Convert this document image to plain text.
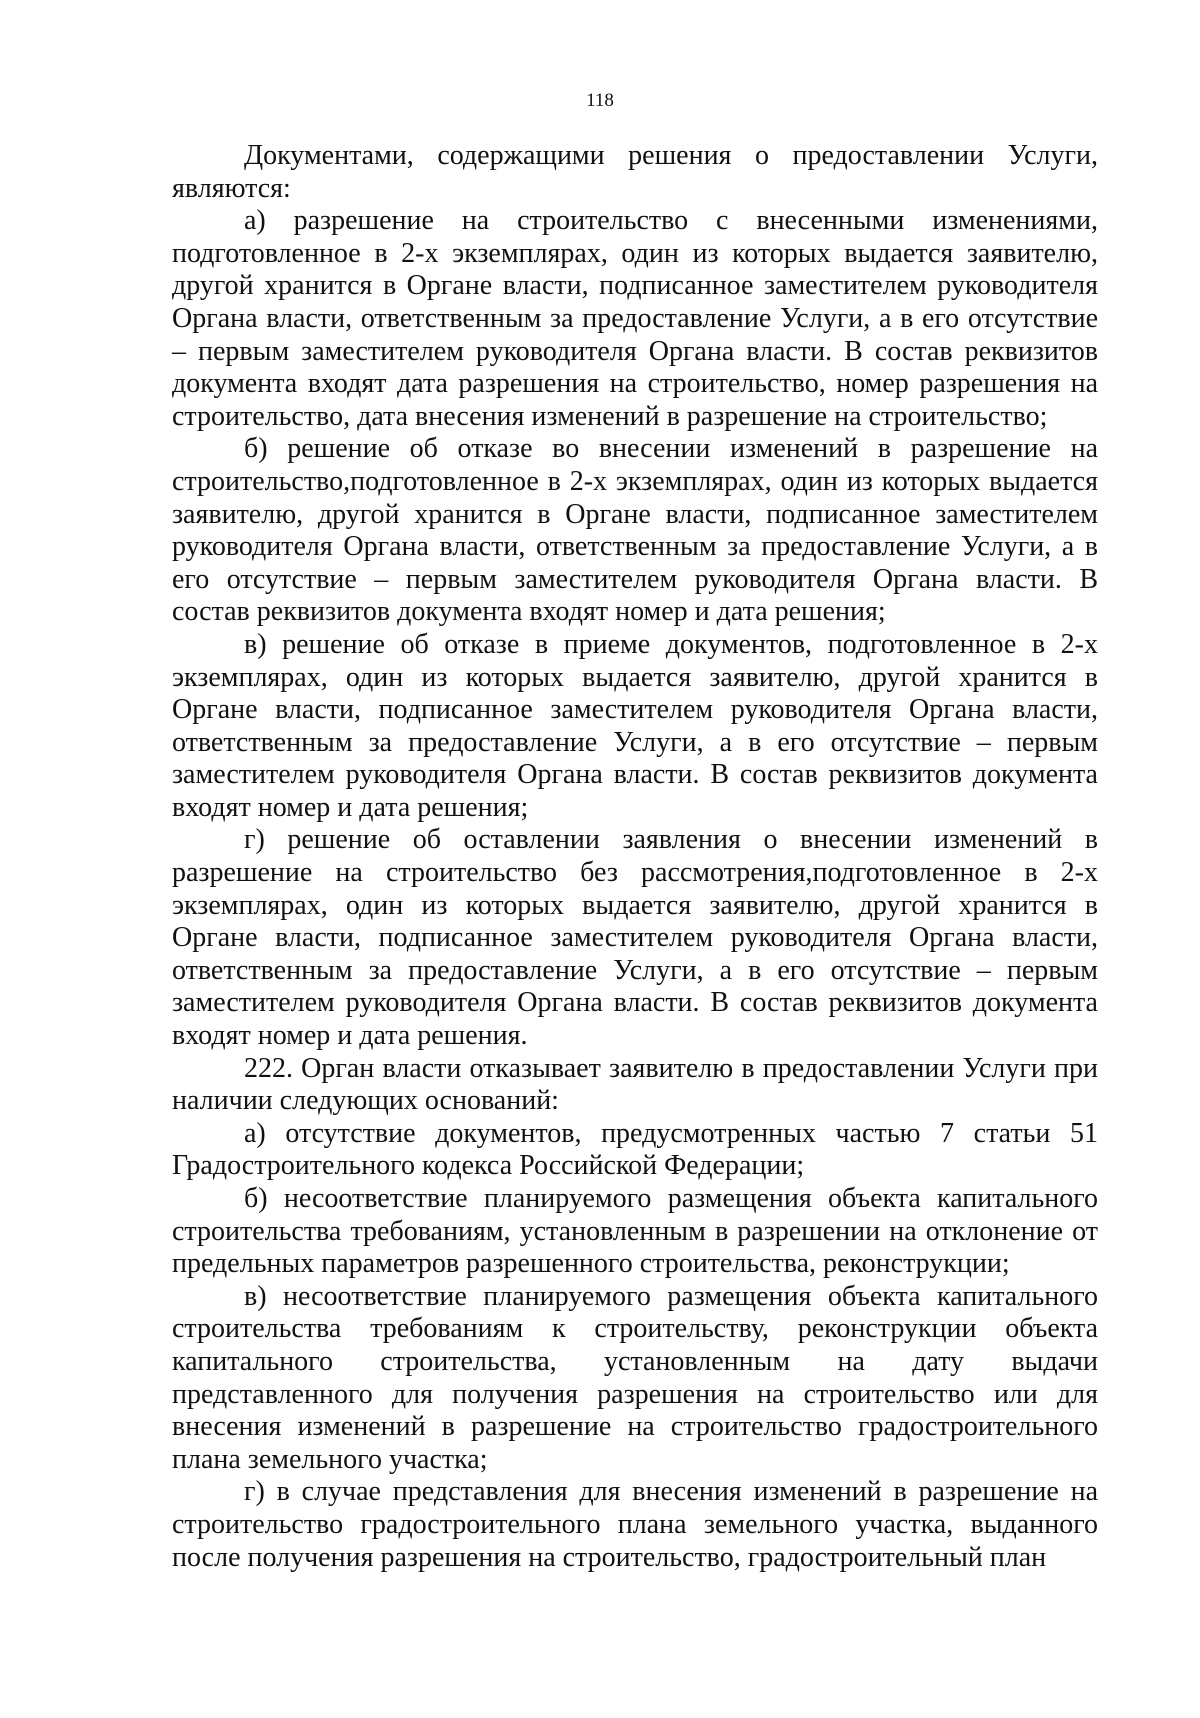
118

Документами, содержащими решения о предоставлении Услуги, являются:

а) разрешение на строительство с внесенными изменениями, подготовленное в 2-х экземплярах, один из которых выдается заявителю, другой хранится в Органе власти, подписанное заместителем руководителя Органа власти, ответственным за предоставление Услуги, а в его отсутствие – первым заместителем руководителя Органа власти. В состав реквизитов документа входят дата разрешения на строительство, номер разрешения на строительство, дата внесения изменений в разрешение на строительство;

б) решение об отказе во внесении изменений в разрешение на строительство,подготовленное в 2-х экземплярах, один из которых выдается заявителю, другой хранится в Органе власти, подписанное заместителем руководителя Органа власти, ответственным за предоставление Услуги, а в его отсутствие – первым заместителем руководителя Органа власти. В состав реквизитов документа входят номер и дата решения;

в) решение об отказе в приеме документов, подготовленное в 2-х экземплярах, один из которых выдается заявителю, другой хранится в Органе власти, подписанное заместителем руководителя Органа власти, ответственным за предоставление Услуги, а в его отсутствие – первым заместителем руководителя Органа власти. В состав реквизитов документа входят номер и дата решения;

г) решение об оставлении заявления о внесении изменений в разрешение на строительство без рассмотрения,подготовленное в 2-х экземплярах, один из которых выдается заявителю, другой хранится в Органе власти, подписанное заместителем руководителя Органа власти, ответственным за предоставление Услуги, а в его отсутствие – первым заместителем руководителя Органа власти. В состав реквизитов документа входят номер и дата решения.

222. Орган власти отказывает заявителю в предоставлении Услуги при наличии следующих оснований:

а) отсутствие документов, предусмотренных частью 7 статьи 51 Градостроительного кодекса Российской Федерации;

б) несоответствие планируемого размещения объекта капитального строительства требованиям, установленным в разрешении на отклонение от предельных параметров разрешенного строительства, реконструкции;

в) несоответствие планируемого размещения объекта капитального строительства требованиям к строительству, реконструкции объекта капитального строительства, установленным на дату выдачи представленного для получения разрешения на строительство или для внесения изменений в разрешение на строительство градостроительного плана земельного участка;

г) в случае представления для внесения изменений в разрешение на строительство градостроительного плана земельного участка, выданного после получения разрешения на строительство, градостроительный план
